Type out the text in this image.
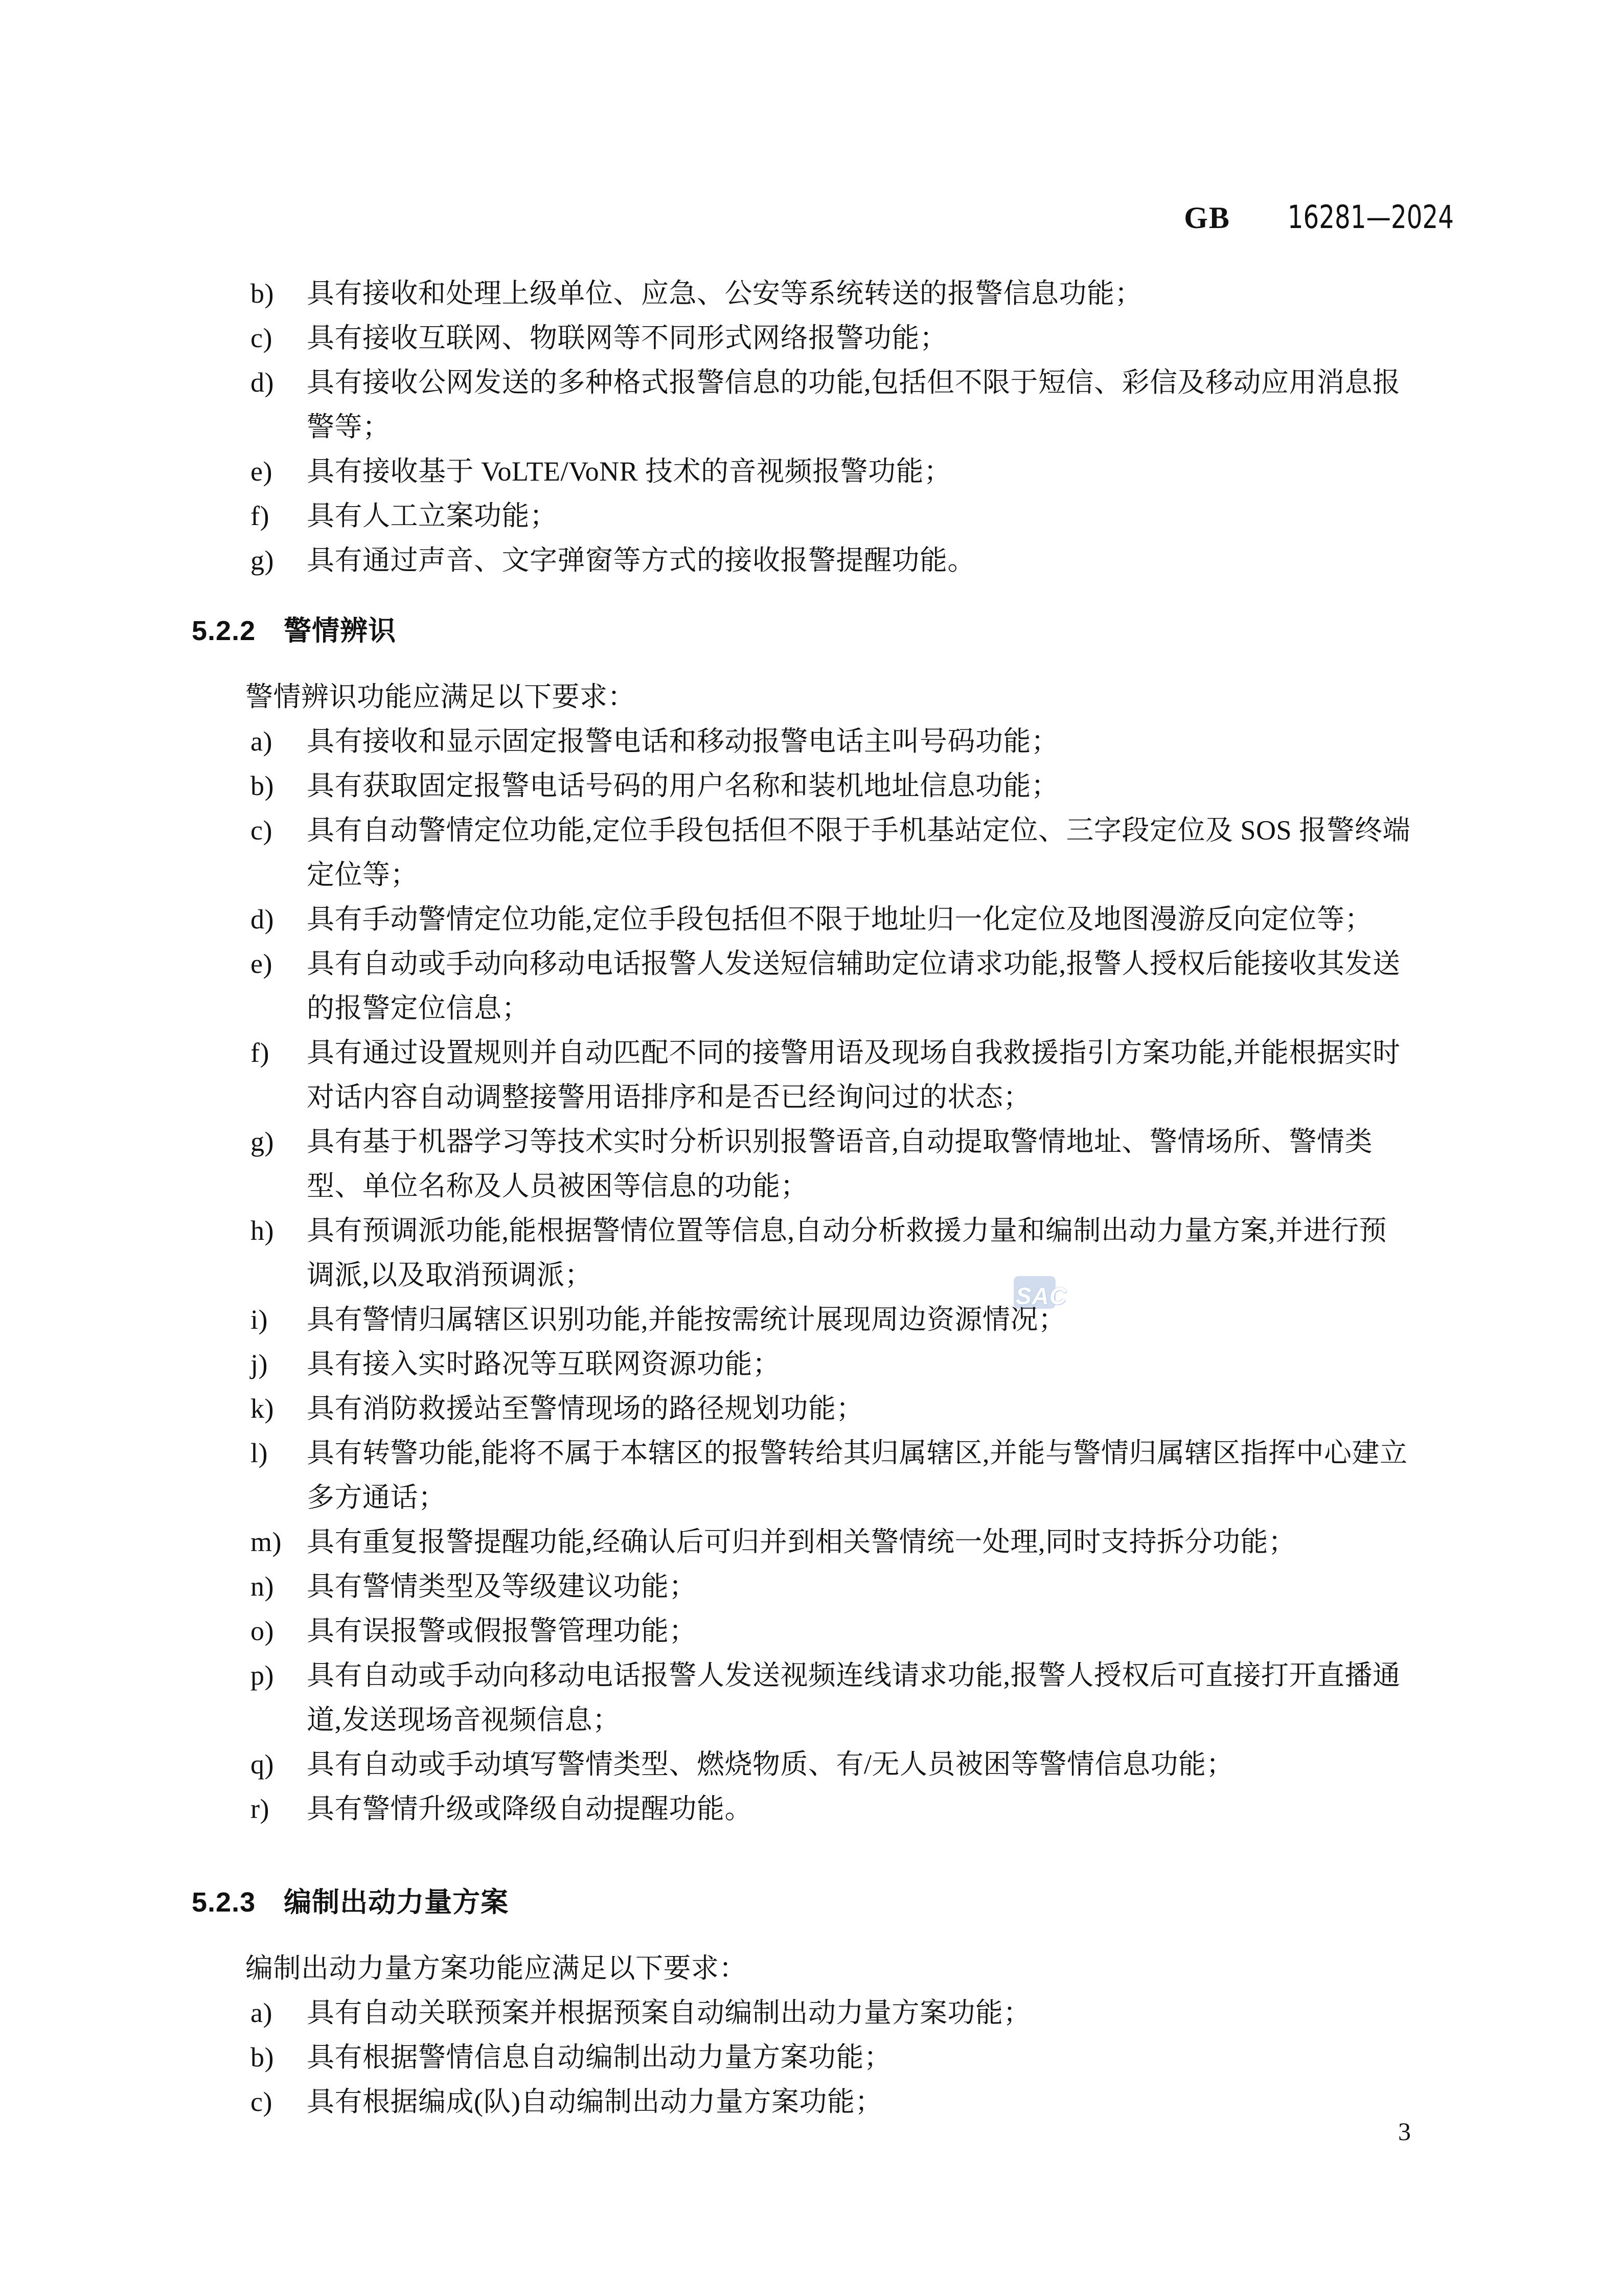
GB 16281—2024
SAC
b) 具有接收和处理上级单位、应急、公安等系统转送的报警信息功能；
c) 具有接收互联网、物联网等不同形式网络报警功能；
d) 具有接收公网发送的多种格式报警信息的功能,包括但不限于短信、彩信及移动应用消息报警等；
e) 具有接收基于 VoLTE/VoNR 技术的音视频报警功能；
f) 具有人工立案功能；
g) 具有通过声音、文字弹窗等方式的接收报警提醒功能。
5.2.2 警情辨识

警情辨识功能应满足以下要求：

a) 具有接收和显示固定报警电话和移动报警电话主叫号码功能；
b) 具有获取固定报警电话号码的用户名称和装机地址信息功能；
c) 具有自动警情定位功能,定位手段包括但不限于手机基站定位、三字段定位及 SOS 报警终端定位等；
d) 具有手动警情定位功能,定位手段包括但不限于地址归一化定位及地图漫游反向定位等；
e) 具有自动或手动向移动电话报警人发送短信辅助定位请求功能,报警人授权后能接收其发送的报警定位信息；
f) 具有通过设置规则并自动匹配不同的接警用语及现场自我救援指引方案功能,并能根据实时对话内容自动调整接警用语排序和是否已经询问过的状态；
g) 具有基于机器学习等技术实时分析识别报警语音,自动提取警情地址、警情场所、警情类型、单位名称及人员被困等信息的功能；
h) 具有预调派功能,能根据警情位置等信息,自动分析救援力量和编制出动力量方案,并进行预调派,以及取消预调派；
i) 具有警情归属辖区识别功能,并能按需统计展现周边资源情况；
j) 具有接入实时路况等互联网资源功能；
k) 具有消防救援站至警情现场的路径规划功能；
l) 具有转警功能,能将不属于本辖区的报警转给其归属辖区,并能与警情归属辖区指挥中心建立多方通话；
m) 具有重复报警提醒功能,经确认后可归并到相关警情统一处理,同时支持拆分功能；
n) 具有警情类型及等级建议功能；
o) 具有误报警或假报警管理功能；
p) 具有自动或手动向移动电话报警人发送视频连线请求功能,报警人授权后可直接打开直播通道,发送现场音视频信息；
q) 具有自动或手动填写警情类型、燃烧物质、有/无人员被困等警情信息功能；
r) 具有警情升级或降级自动提醒功能。
5.2.3 编制出动力量方案

编制出动力量方案功能应满足以下要求：

a) 具有自动关联预案并根据预案自动编制出动力量方案功能；
b) 具有根据警情信息自动编制出动力量方案功能；
c) 具有根据编成(队)自动编制出动力量方案功能；
3
